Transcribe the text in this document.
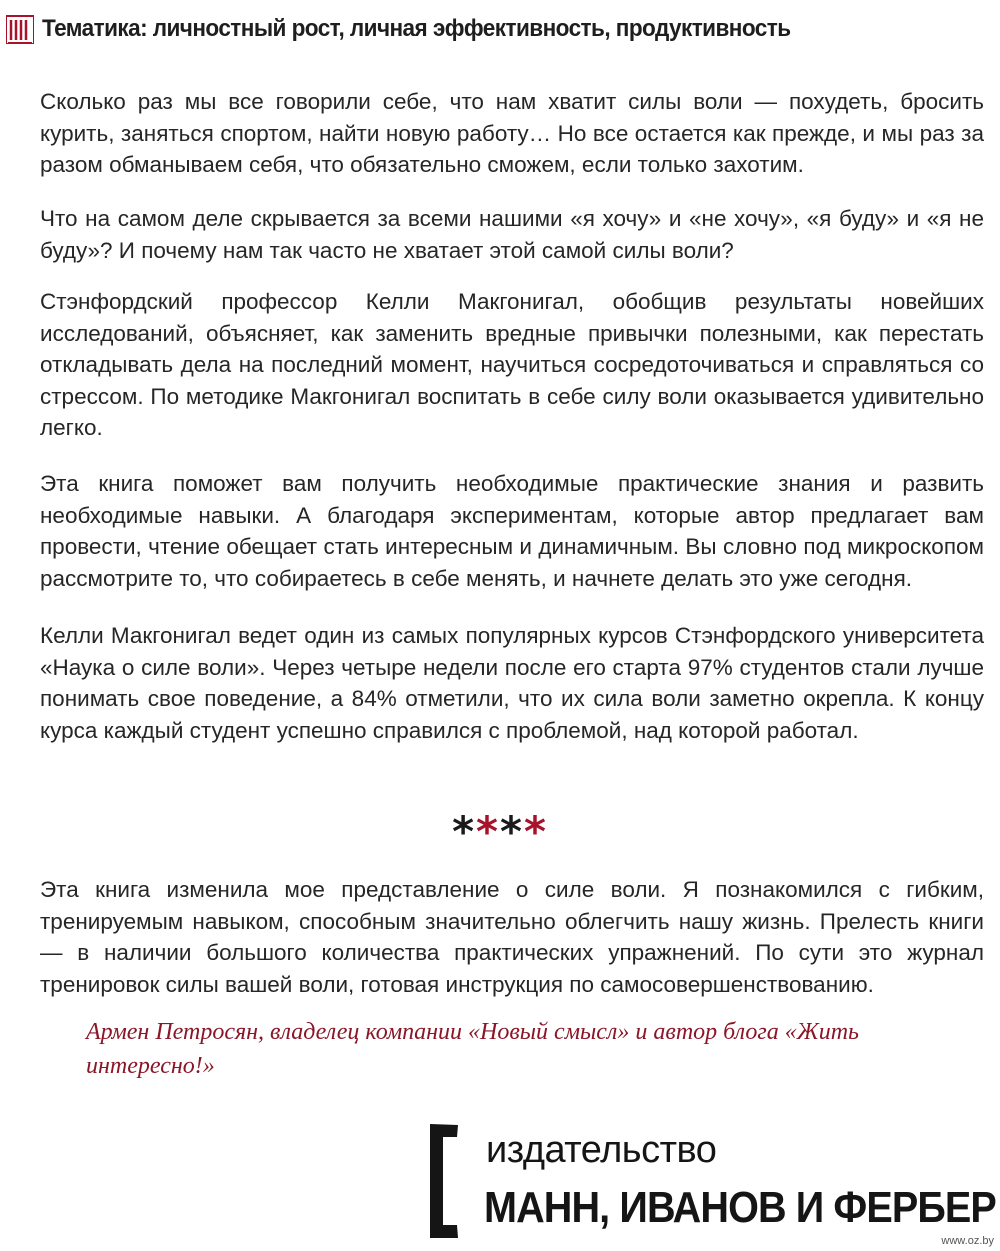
Тематика: личностный рост, личная эффективность, продуктивность

Сколько раз мы все говорили себе, что нам хватит силы воли — похудеть, бросить курить, заняться спортом, найти новую работу… Но все остается как прежде, и мы раз за разом обманываем себя, что обязательно сможем, если только захотим.

Что на самом деле скрывается за всеми нашими «я хочу» и «не хочу», «я буду» и «я не буду»? И почему нам так часто не хватает этой самой силы воли?

Стэнфордский профессор Келли Макгонигал, обобщив результаты новейших исследований, объясняет, как заменить вредные привычки полезными, как перестать откладывать дела на последний момент, научиться сосредоточиваться и справляться со стрессом. По методике Макгонигал воспитать в себе силу воли оказывается удивительно легко.

Эта книга поможет вам получить необходимые практические знания и развить необходимые навыки. А благодаря экспериментам, которые автор предлагает вам провести, чтение обещает стать интересным и динамичным. Вы словно под микроскопом рассмотрите то, что собираетесь в себе менять, и начнете делать это уже сегодня.

Келли Макгонигал ведет один из самых популярных курсов Стэнфордского университета «Наука о силе воли». Через четыре недели после его старта 97% студентов стали лучше понимать свое поведение, а 84% отметили, что их сила воли заметно окрепла. К концу курса каждый студент успешно справился с проблемой, над которой работал.

****

Эта книга изменила мое представление о силе воли. Я познакомился с гибким, тренируемым навыком, способным значительно облегчить нашу жизнь. Прелесть книги — в наличии большого количества практических упражнений. По сути это журнал тренировок силы вашей воли, готовая инструкция по самосовершенствованию.

Армен Петросян, владелец компании «Новый смысл» и автор блога «Жить интересно!»

издательство
МАНН, ИВАНОВ И ФЕРБЕР
www.oz.by
